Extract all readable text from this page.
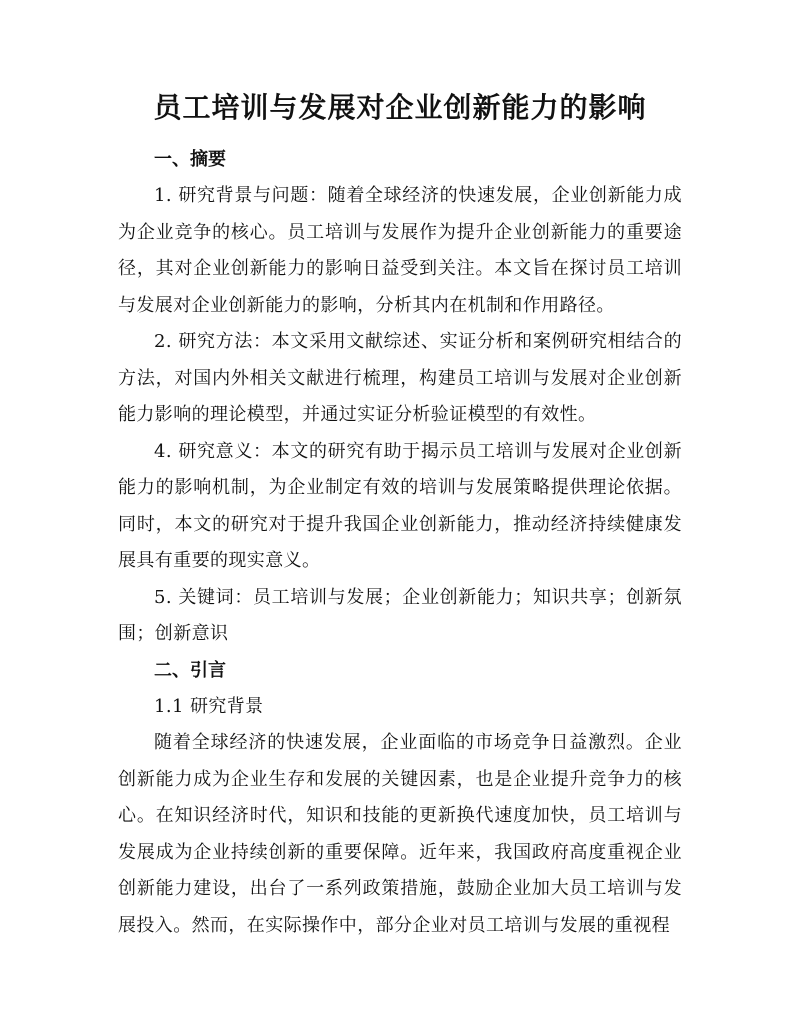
员工培训与发展对企业创新能力的影响
一、摘要

1. 研究背景与问题：随着全球经济的快速发展，企业创新能力成为企业竞争的核心。员工培训与发展作为提升企业创新能力的重要途径，其对企业创新能力的影响日益受到关注。本文旨在探讨员工培训与发展对企业创新能力的影响，分析其内在机制和作用路径。

2. 研究方法：本文采用文献综述、实证分析和案例研究相结合的方法，对国内外相关文献进行梳理，构建员工培训与发展对企业创新能力影响的理论模型，并通过实证分析验证模型的有效性。

4. 研究意义：本文的研究有助于揭示员工培训与发展对企业创新能力的影响机制，为企业制定有效的培训与发展策略提供理论依据。同时，本文的研究对于提升我国企业创新能力，推动经济持续健康发展具有重要的现实意义。

5. 关键词：员工培训与发展；企业创新能力；知识共享；创新氛围；创新意识

二、引言

1.1 研究背景

随着全球经济的快速发展，企业面临的市场竞争日益激烈。企业创新能力成为企业生存和发展的关键因素，也是企业提升竞争力的核心。在知识经济时代，知识和技能的更新换代速度加快，员工培训与发展成为企业持续创新的重要保障。近年来，我国政府高度重视企业创新能力建设，出台了一系列政策措施，鼓励企业加大员工培训与发展投入。然而，在实际操作中，部分企业对员工培训与发展的重视程
